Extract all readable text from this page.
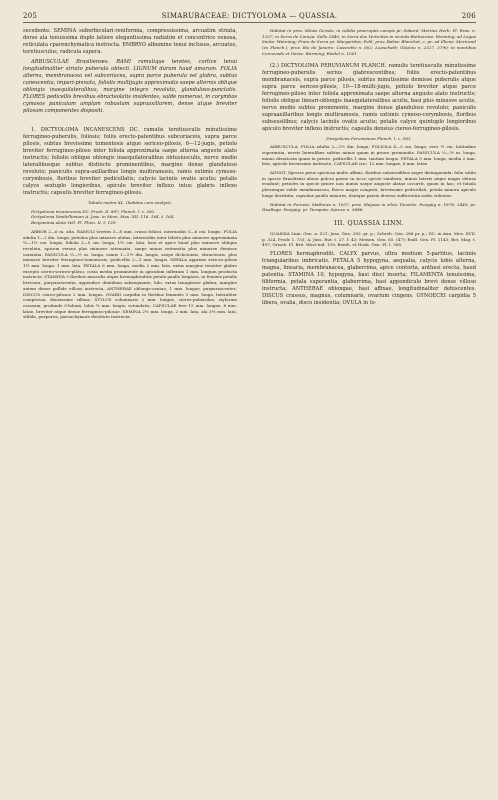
205	SIMARUBACEAE: DICTYOLOMA — QUASSIA.	206

secedente. SEMINA suborbiculari-reniformia, compressissima, arcuatim striata, dorso ala tenuissima duplo latiore elegantissima radiatim et concentrice venosa, reticulata cparenchymatica instructa. EMBRYO albumine tenui inclusus, arcuatus, teretiusculus, radicula supera.

ARBUSCULAE Brasilienses. RAMI ramulique teretes, cortice tenui longitudinaliter striato puberulo obtecti. LIGNUM durum haud amarum. FOLIA alterna, membranacea vel subcoriacea, supra parce puberula vel glabra, subtus canescentia, impari-pinnata, foliolis multijugis approximatis saepe alternis oblique oblongis inaequilateralibus, margine integro revoluto, glanduloso-punctatis. FLORES pedicellis brevibus ebracteolatis insidentes, valde numerosi, in corymbos cymosos paniculam amplam robustam supraaxillarem, dense atque breviter pilosam componentes dispositi.

1. DICTYOLOMA INCANESCENS DC. ramulis teretiusculis minutissime ferrugineo-puberulis, foliosis; foliis erecto-patentibus subcoriaceis, supra parce pilosis, subtus brevissime tomentosis atque sericeo-pilosis, 6—12-jugis, petiolo breviter ferrugineo-piloso inter foliola approximata saepe alterna anguste alato instructis; foliolis oblique oblongis inaequilateralibus obtusiusculis, nervo medio lateralibusque subtus distincte prominentibus, margine dense glanduloso revoluto; paniculis supra-axillaribus longis multiramosis, ramis extimis cymoso-corymbosis, floribus breviter pedicellatis; calycis laciniis ovatis acutis; petalis calyce sextuplo longioribus, apiculo breviter inflexo intus glabris inflexo instructis; capsulis breviter ferrugineo-pilosis.

Tabula nostra XL. (habitus cum analysi).

Dictyoloma incanescens DC. Prodr. II. 89?; Planch. l. c. 582.

Dictyoloma Vandellianum A. Juss. in Mem. Mus. XII. 116. 164. t. 164.

Benjaminia alata Vell. Fl. Flum. II. t. 139.

ARBOR 2—6 m. alta. RAMULI teretes 3—8 mm. crassi foliosi, internodiis 5—6 cm. longis. FOLIA adulta 1—2 dm. longa; petiolus plus minusve alatus, internodiis inter foliola plus minusve approximata ⅓—1½ cm. longis, foliola 3—5 cm. longa, 1½ cm. lata, basi et apice haud plus minusve obliqua revoluta, apicem versus plus minusve attenuata, saepe minus retinentia plus minusve demisse variantia. PANICULA ⅓—½ m. longa, ramis 1—1½ dm. longis, saepe dichotomis, ebracteatis, plus minusve breviter ferrugineo-tomentosis, pedicellis 2—3 mm. longis. SEPALA apprime sericeo-pilosa 1½ mm. longa, 1 mm. lata. PETALA 6 mm. longa, media 2 mm. lata, extus margine tenuiter glabro excepto ciereo-sericeo-piloso, costa media prominente in apiculum inflexum 1 mm. longum producta instructa. STAMINA 5 floribus masculis atque hermaphroditis petala paullo longiora, in feminis petalis breviora, purpurascentia, appendice dimidiam subaequante, hilo, extus lanuginose glabra, margine autem dense pallide villoso instructa; ANTHERAE oblongo-ovatae, 1 mm. longae, purpurascentes. DISCUS ciereo-pilosus 2 mm. longus. OVARII carpidia in floribus femineis 3 mm. longa, lateraliter compressa, densissime villosa. STYLUS columnaris 2 mm. longus, ciereo-puberulus; stylorum crassum, profunde 5-lobum, lobis ½ mm. longis, rotundatis. CAPSULAE fere 15 mm. longae, 8 mm. latae, breviter atque dense ferrugineo-pilosae. SEMINA 2½ mm. longa, 2 mm. lata, ala 3½ mm. lata, stilida, purpurea, parenchymate destituto instructa.

Habitat in prov. Minas Geraës, in calidis praeruptis campis pr. Sabará: Martius Herb. Fl. Bras. n. 1207; in Serra de Caraça: Sello 1840; in Serra dos Vertentes in viciniis Barbacena: Warming; ad Lagoa Santa: Warming; Praia de Serra pr. Margaridas: Pohl; prov. Bahia: Blanchet; c. pr. ad Ilheos: Moricand (ex Planch.); prov. Rio de Janeiro: Cassretto n. 602; Lueschath; Glaziou n. 2327, 3790; in montibus Corcovado et Gavia: Warming; Riedel n. 1061.

(2.) DICTYOLOMA PERUVIANUM PLANCH. ramulis teretiusculis minutissime ferrugineo-puberulis serius glabrescentibus; foliis erecto-patentibus membranaceis, supra parce pilosis, subtus minutissime demisse puberulis atque supra parce sericeo-pilosis, 10—18-multi-jugis, petiolo breviter atque parce ferrugineo-piloso inter foliola approximata saepe alterna anguste alato instructis; foliolis oblique lineari-oblongis inaequilateralibus acutis, basi plus minusve acutis, nervo medio subtus prominente, margine dense glanduloso revoluto; paniculis supraaxillaribus longis multiramosis, ramis extimis cymoso-corymbosis, floribus subsessilibus; calycis laciniis ovatis acutis; petalis calyce quintuplo longioribus apiculo breviter inflexo instructis; capsulis densius ciereo-ferrugineo-pilosis.

Dictyoloma Peruvianum Planch. l. c. 583.

ARBUSCULA. FOLIA adulta 2—2½ dm. longa; FOLIOLA 4—5 cm. longa, vero ½ cm. latitudine superantia, nervis lateralibus subtus minus quam in priore prominulis. PANICULA ⅓—½ m. longa, minus divaricata quam in priore, pedicellis 1 mm. tantum longis. PETALA 5 mm. longa, media 2 mm. lata, apiculo brevissimo instructo. CAPSULAE circ. 12 mm. longae, 6 mm. latae.

ADNOT. Species prius speciosa multo affinis, floribus subsessilibus aegre distinguenda; folia solito in specie Brasiliensi ubera pulcra paene in sicco specie similiora, minus lateris atque magis obtusa evadunt; petioles in specie priore non minus saepe anguste alatae occurrit, quam in hac; et foliola plerumque valde membranacea, florce magis congesti, brevissime pedicellati, petala minora apiculo longe destituta, capsulae paullo minores, denique patria diversa sufficientia nobis videntur.

Habitat in Peruvia: Mathews n. 1037; prov. Maynas in silvis Tocache: Poeppig n. 1878; 2449; pr. Huallaga: Poeppig; pr. Tarapoto: Spruce n. 3888.

III. QUASSIA LINN.

QUASSIA Linn. Gen. n. 521; Juss. Gen. 282. pr. p.; Schreb. Gen. 288 pr. p.; DC. in Ann. Mus. XVII. p. 324, Prodr. I. 733; A. Juss. Rut. t. 27. f. 43; Meisen. Gen. 65. (47); Endl. Gen. Pl. 1143; Bot. Mag. t. 497; Griseb. Fl. Brit. West-Ind. 139; Benth. et Hook. Gen. Pl. I. 308.

FLORES hermaphroditi. CALYX parvus, ultra medium 5-partitus, laciniis triangularibus imbricatis. PETALA 5 hypogyna, aequalia, calycis lobis alterna, magna, linearia, membranacea, glaberrima, apice contorta, anthesi erecta, haud patentia. STAMINA 10, hypogyna, basi disci inserta; FILAMENTA tenuissima, filiformia, petala superantia, glaberrima, basi appendiculo brevi dense villoso instructa; ANTHERAE oblongae, basi affixae, longitudinaliter dehiscentes. DISCUS crassus, magnus, columnaris, ovarium cingens. GYNOECEI carpidia 5 libera, ovalia, disco insidentia; OVULA in lo-
